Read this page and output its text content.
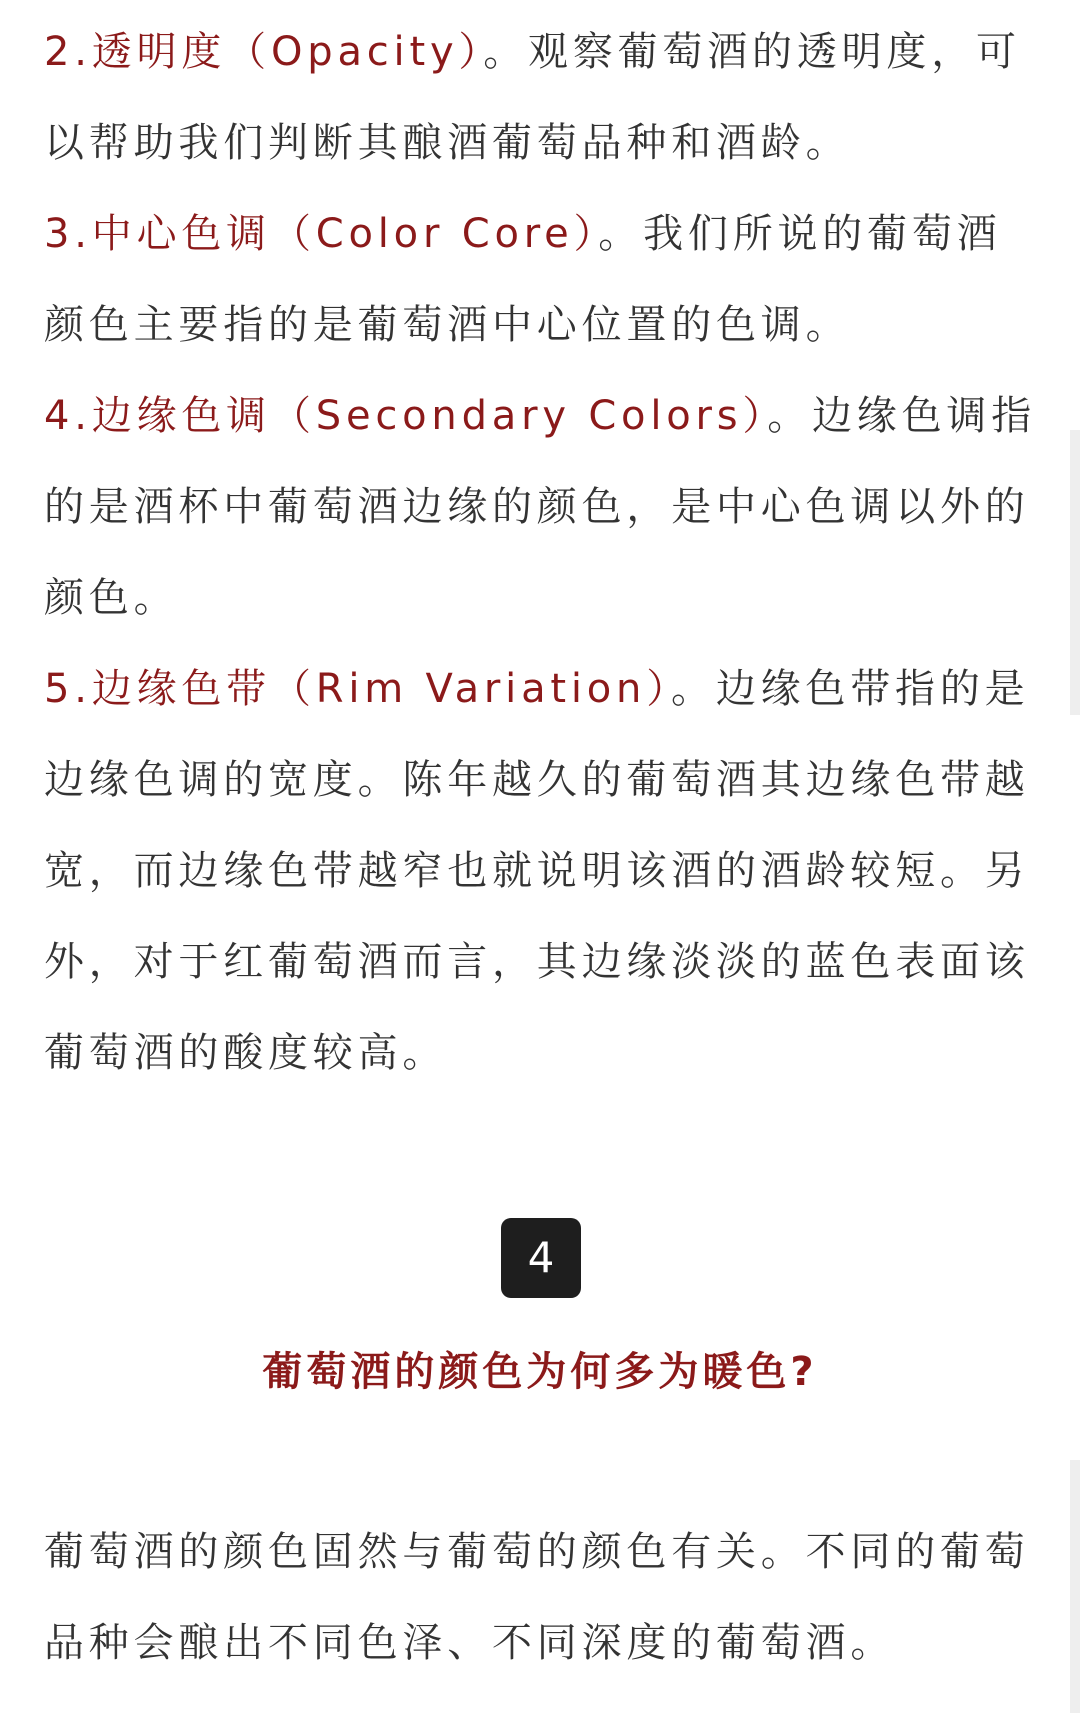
2.透明度（Opacity）。观察葡萄酒的透明度，可以帮助我们判断其酿酒葡萄品种和酒龄。

3.中心色调（Color Core）。我们所说的葡萄酒颜色主要指的是葡萄酒中心位置的色调。

4.边缘色调（Secondary Colors）。边缘色调指的是酒杯中葡萄酒边缘的颜色，是中心色调以外的颜色。

5.边缘色带（Rim Variation）。边缘色带指的是边缘色调的宽度。陈年越久的葡萄酒其边缘色带越宽，而边缘色带越窄也就说明该酒的酒龄较短。另外，对于红葡萄酒而言，其边缘淡淡的蓝色表面该葡萄酒的酸度较高。

4
葡萄酒的颜色为何多为暖色?

葡萄酒的颜色固然与葡萄的颜色有关。不同的葡萄品种会酿出不同色泽、不同深度的葡萄酒。
